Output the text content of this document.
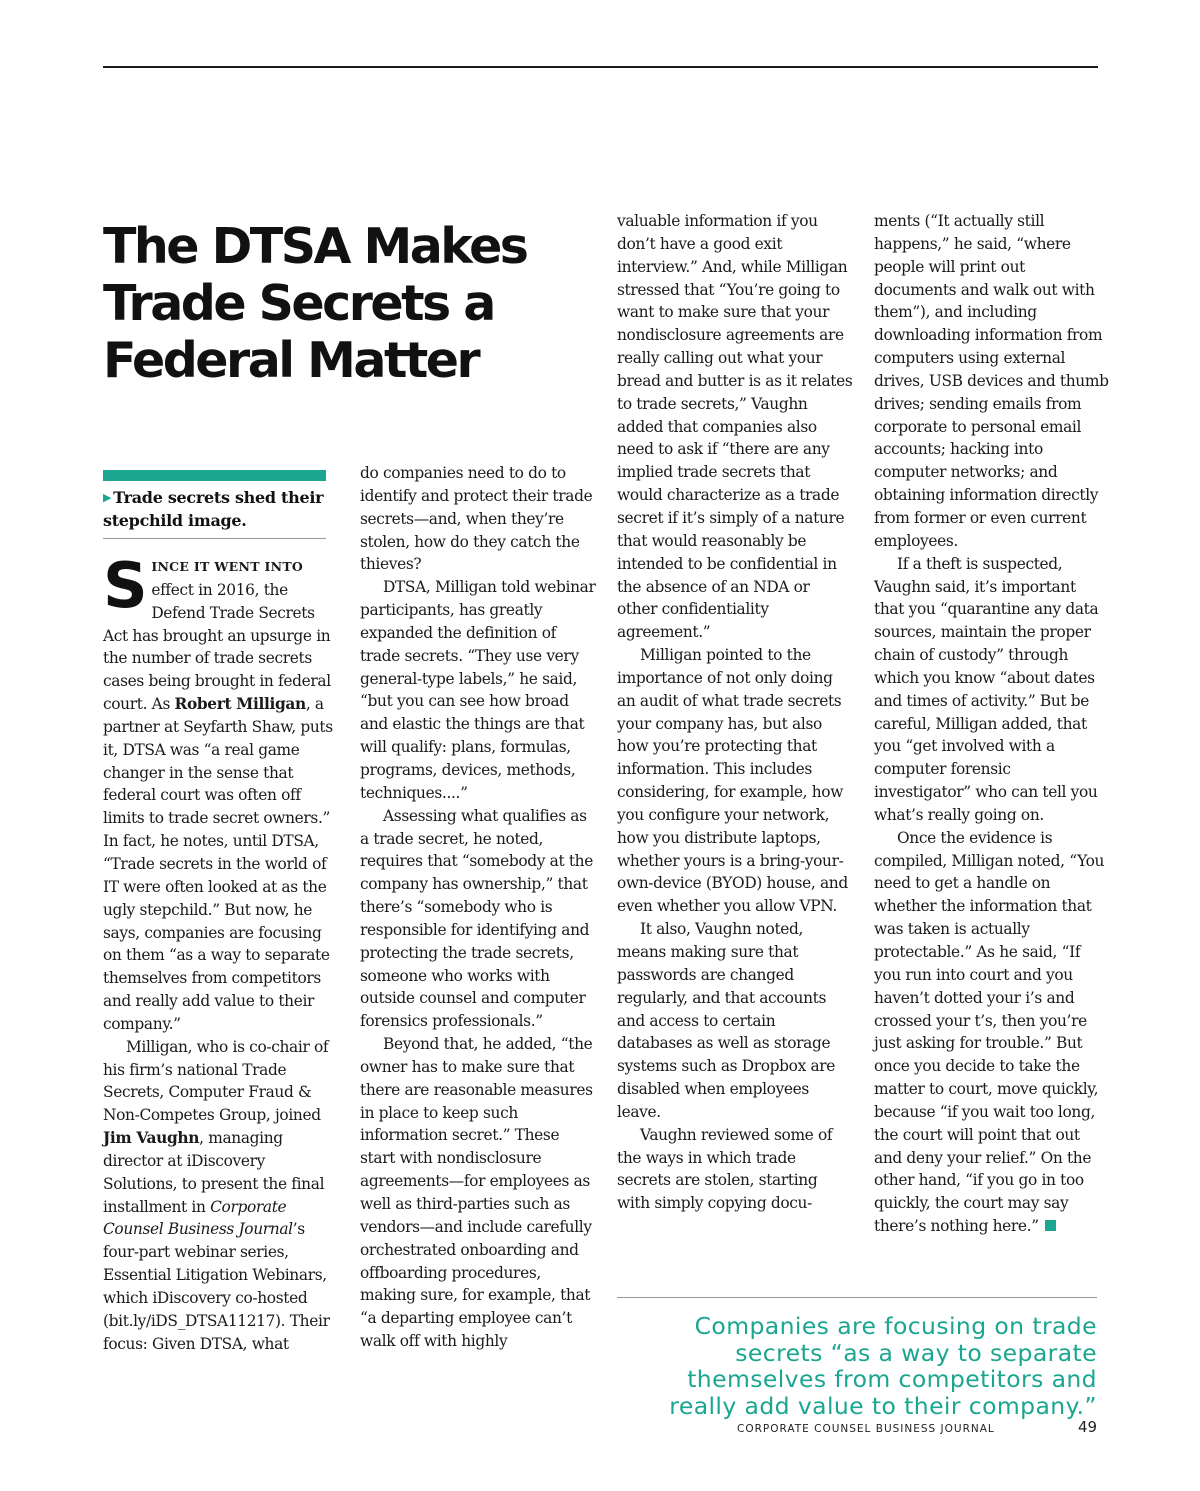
The DTSA Makes Trade Secrets a Federal Matter

▶ Trade secrets shed their stepchild image.

SINCE IT WENT INTO effect in 2016, the Defend Trade Secrets Act has brought an upsurge in the number of trade secrets cases being brought in federal court. As Robert Milligan, a partner at Seyfarth Shaw, puts it, DTSA was “a real game changer in the sense that federal court was often off limits to trade secret owners.” In fact, he notes, until DTSA, “Trade secrets in the world of IT were often looked at as the ugly stepchild.” But now, he says, companies are focusing on them “as a way to separate themselves from competitors and really add value to their company.”

Milligan, who is co-chair of his firm’s national Trade Secrets, Computer Fraud & Non-Competes Group, joined Jim Vaughn, managing director at iDiscovery Solutions, to present the final installment in Corporate Counsel Business Journal’s four-part webinar series, Essential Litigation Webinars, which iDiscovery co-hosted (bit.ly/iDS_DTSA11217). Their focus: Given DTSA, what

do companies need to do to identify and protect their trade secrets—and, when they’re stolen, how do they catch the thieves?

DTSA, Milligan told webinar participants, has greatly expanded the definition of trade secrets. “They use very general-type labels,” he said, “but you can see how broad and elastic the things are that will qualify: plans, formulas, programs, devices, methods, techniques....”

Assessing what qualifies as a trade secret, he noted, requires that “somebody at the company has ownership,” that there’s “somebody who is responsible for identifying and protecting the trade secrets, someone who works with outside counsel and computer forensics professionals.”

Beyond that, he added, “the owner has to make sure that there are reasonable measures in place to keep such information secret.” These start with nondisclosure agreements—for employees as well as third-parties such as vendors—and include carefully orchestrated onboarding and offboarding procedures, making sure, for example, that “a departing employee can’t walk off with highly

valuable information if you don’t have a good exit interview.” And, while Milligan stressed that “You’re going to want to make sure that your nondisclosure agreements are really calling out what your bread and butter is as it relates to trade secrets,” Vaughn added that companies also need to ask if “there are any implied trade secrets that would characterize as a trade secret if it’s simply of a nature that would reasonably be intended to be confidential in the absence of an NDA or other confidentiality agreement.”

Milligan pointed to the importance of not only doing an audit of what trade secrets your company has, but also how you’re protecting that information. This includes considering, for example, how you configure your network, how you distribute laptops, whether yours is a bring-your-own-device (BYOD) house, and even whether you allow VPN.

It also, Vaughn noted, means making sure that passwords are changed regularly, and that accounts and access to certain databases as well as storage systems such as Dropbox are disabled when employees leave.

Vaughn reviewed some of the ways in which trade secrets are stolen, starting with simply copying docu-

ments (“It actually still happens,” he said, “where people will print out documents and walk out with them”), and including downloading information from computers using external drives, USB devices and thumb drives; sending emails from corporate to personal email accounts; hacking into computer networks; and obtaining information directly from former or even current employees.

If a theft is suspected, Vaughn said, it’s important that you “quarantine any data sources, maintain the proper chain of custody” through which you know “about dates and times of activity.” But be careful, Milligan added, that you “get involved with a computer forensic investigator” who can tell you what’s really going on.

Once the evidence is compiled, Milligan noted, “You need to get a handle on whether the information that was taken is actually protectable.” As he said, “If you run into court and you haven’t dotted your i’s and crossed your t’s, then you’re just asking for trouble.” But once you decide to take the matter to court, move quickly, because “if you wait too long, the court will point that out and deny your relief.” On the other hand, “if you go in too quickly, the court may say there’s nothing here.”

Companies are focusing on trade secrets “as a way to separate themselves from competitors and really add value to their company.”

CORPORATE COUNSEL BUSINESS JOURNAL	49
